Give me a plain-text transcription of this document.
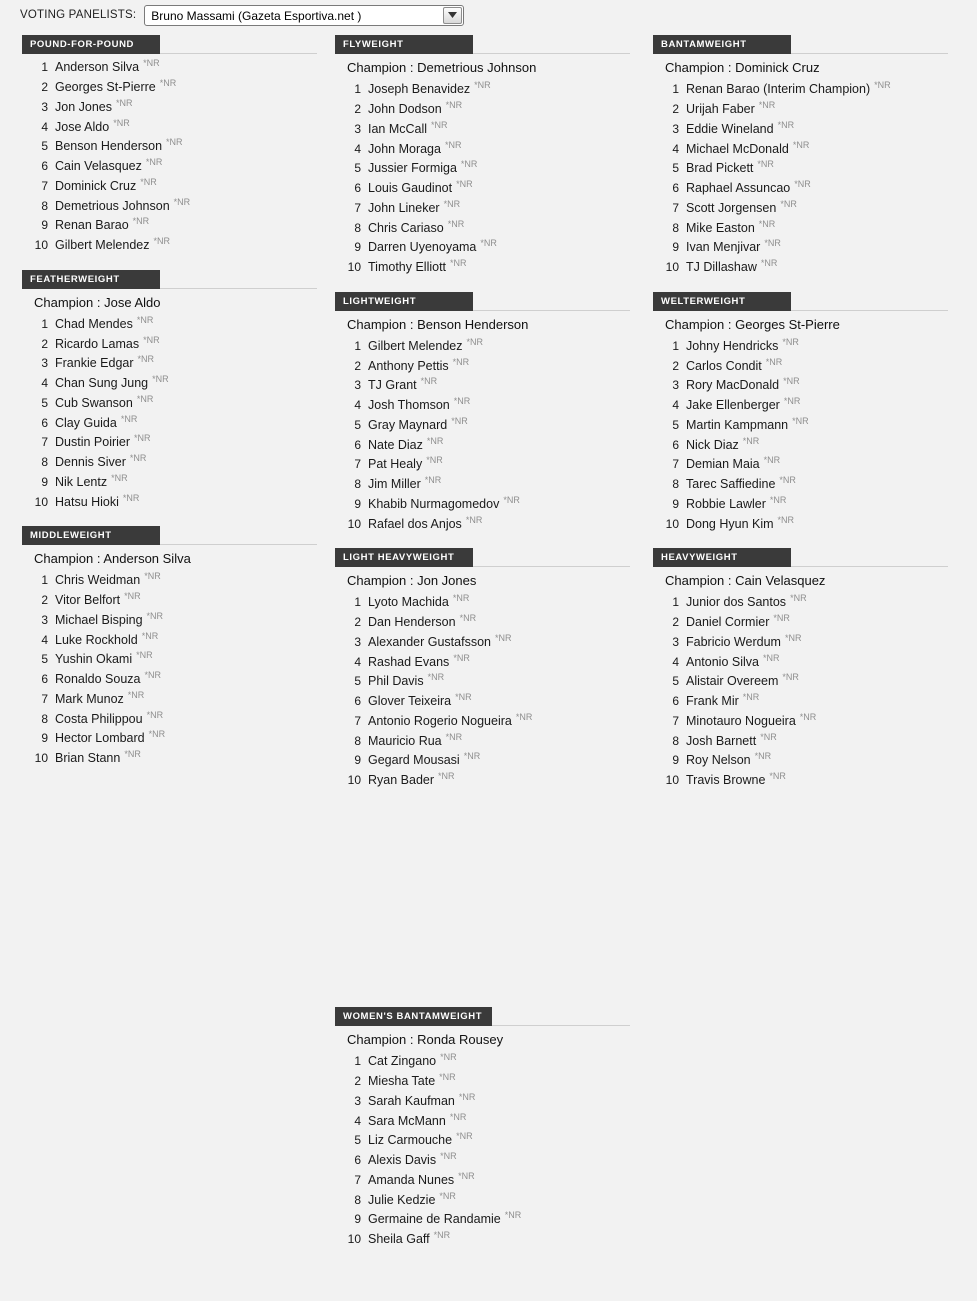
VOTING PANELISTS:
Bruno Massami (Gazeta Esportiva.net )
POUND-FOR-POUND
1 Anderson Silva $^{*NR}$
2 Georges St-Pierre $^{*NR}$
3 Jon Jones $^{*NR}$
4 Jose Aldo $^{*NR}$
5 Benson Henderson $^{*NR}$
6 Cain Velasquez $^{*NR}$
7 Dominick Cruz $^{*NR}$
8 Demetrious Johnson $^{*NR}$
9 Renan Barao $^{*NR}$
10 Gilbert Melendez $^{*NR}$
FEATHERWEIGHT
Champion : Jose Aldo
1 Chad Mendes $^{*NR}$
2 Ricardo Lamas $^{*NR}$
3 Frankie Edgar $^{*NR}$
4 Chan Sung Jung $^{*NR}$
5 Cub Swanson $^{*NR}$
6 Clay Guida $^{*NR}$
7 Dustin Poirier $^{*NR}$
8 Dennis Siver $^{*NR}$
9 Nik Lentz $^{*NR}$
10 Hatsu Hioki $^{*NR}$
MIDDLEWEIGHT
Champion : Anderson Silva
1 Chris Weidman $^{*NR}$
2 Vitor Belfort $^{*NR}$
3 Michael Bisping $^{*NR}$
4 Luke Rockhold $^{*NR}$
5 Yushin Okami $^{*NR}$
6 Ronaldo Souza $^{*NR}$
7 Mark Munoz $^{*NR}$
8 Costa Philippou $^{*NR}$
9 Hector Lombard $^{*NR}$
10 Brian Stann $^{*NR}$
FLYWEIGHT
Champion : Demetrious Johnson
1 Joseph Benavidez $^{*NR}$
2 John Dodson $^{*NR}$
3 Ian McCall $^{*NR}$
4 John Moraga $^{*NR}$
5 Jussier Formiga $^{*NR}$
6 Louis Gaudinot $^{*NR}$
7 John Lineker $^{*NR}$
8 Chris Cariaso $^{*NR}$
9 Darren Uyenoyama $^{*NR}$
10 Timothy Elliott $^{*NR}$
LIGHTWEIGHT
Champion : Benson Henderson
1 Gilbert Melendez $^{*NR}$
2 Anthony Pettis $^{*NR}$
3 TJ Grant $^{*NR}$
4 Josh Thomson $^{*NR}$
5 Gray Maynard $^{*NR}$
6 Nate Diaz $^{*NR}$
7 Pat Healy $^{*NR}$
8 Jim Miller $^{*NR}$
9 Khabib Nurmagomedov $^{*NR}$
10 Rafael dos Anjos $^{*NR}$
LIGHT HEAVYWEIGHT
Champion : Jon Jones
1 Lyoto Machida $^{*NR}$
2 Dan Henderson $^{*NR}$
3 Alexander Gustafsson $^{*NR}$
4 Rashad Evans $^{*NR}$
5 Phil Davis $^{*NR}$
6 Glover Teixeira $^{*NR}$
7 Antonio Rogerio Nogueira $^{*NR}$
8 Mauricio Rua $^{*NR}$
9 Gegard Mousasi $^{*NR}$
10 Ryan Bader $^{*NR}$
BANTAMWEIGHT
Champion : Dominick Cruz
1 Renan Barao (Interim Champion) $^{*NR}$
2 Urijah Faber $^{*NR}$
3 Eddie Wineland $^{*NR}$
4 Michael McDonald $^{*NR}$
5 Brad Pickett $^{*NR}$
6 Raphael Assuncao $^{*NR}$
7 Scott Jorgensen $^{*NR}$
8 Mike Easton $^{*NR}$
9 Ivan Menjivar $^{*NR}$
10 TJ Dillashaw $^{*NR}$
WELTERWEIGHT
Champion : Georges St-Pierre
1 Johny Hendricks $^{*NR}$
2 Carlos Condit $^{*NR}$
3 Rory MacDonald $^{*NR}$
4 Jake Ellenberger $^{*NR}$
5 Martin Kampmann $^{*NR}$
6 Nick Diaz $^{*NR}$
7 Demian Maia $^{*NR}$
8 Tarec Saffiedine $^{*NR}$
9 Robbie Lawler $^{*NR}$
10 Dong Hyun Kim $^{*NR}$
HEAVYWEIGHT
Champion : Cain Velasquez
1 Junior dos Santos $^{*NR}$
2 Daniel Cormier $^{*NR}$
3 Fabricio Werdum $^{*NR}$
4 Antonio Silva $^{*NR}$
5 Alistair Overeem $^{*NR}$
6 Frank Mir $^{*NR}$
7 Minotauro Nogueira $^{*NR}$
8 Josh Barnett $^{*NR}$
9 Roy Nelson $^{*NR}$
10 Travis Browne $^{*NR}$
WOMEN'S BANTAMWEIGHT
Champion : Ronda Rousey
1 Cat Zingano $^{*NR}$
2 Miesha Tate $^{*NR}$
3 Sarah Kaufman $^{*NR}$
4 Sara McMann $^{*NR}$
5 Liz Carmouche $^{*NR}$
6 Alexis Davis $^{*NR}$
7 Amanda Nunes $^{*NR}$
8 Julie Kedzie $^{*NR}$
9 Germaine de Randamie $^{*NR}$
10 Sheila Gaff $^{*NR}$
